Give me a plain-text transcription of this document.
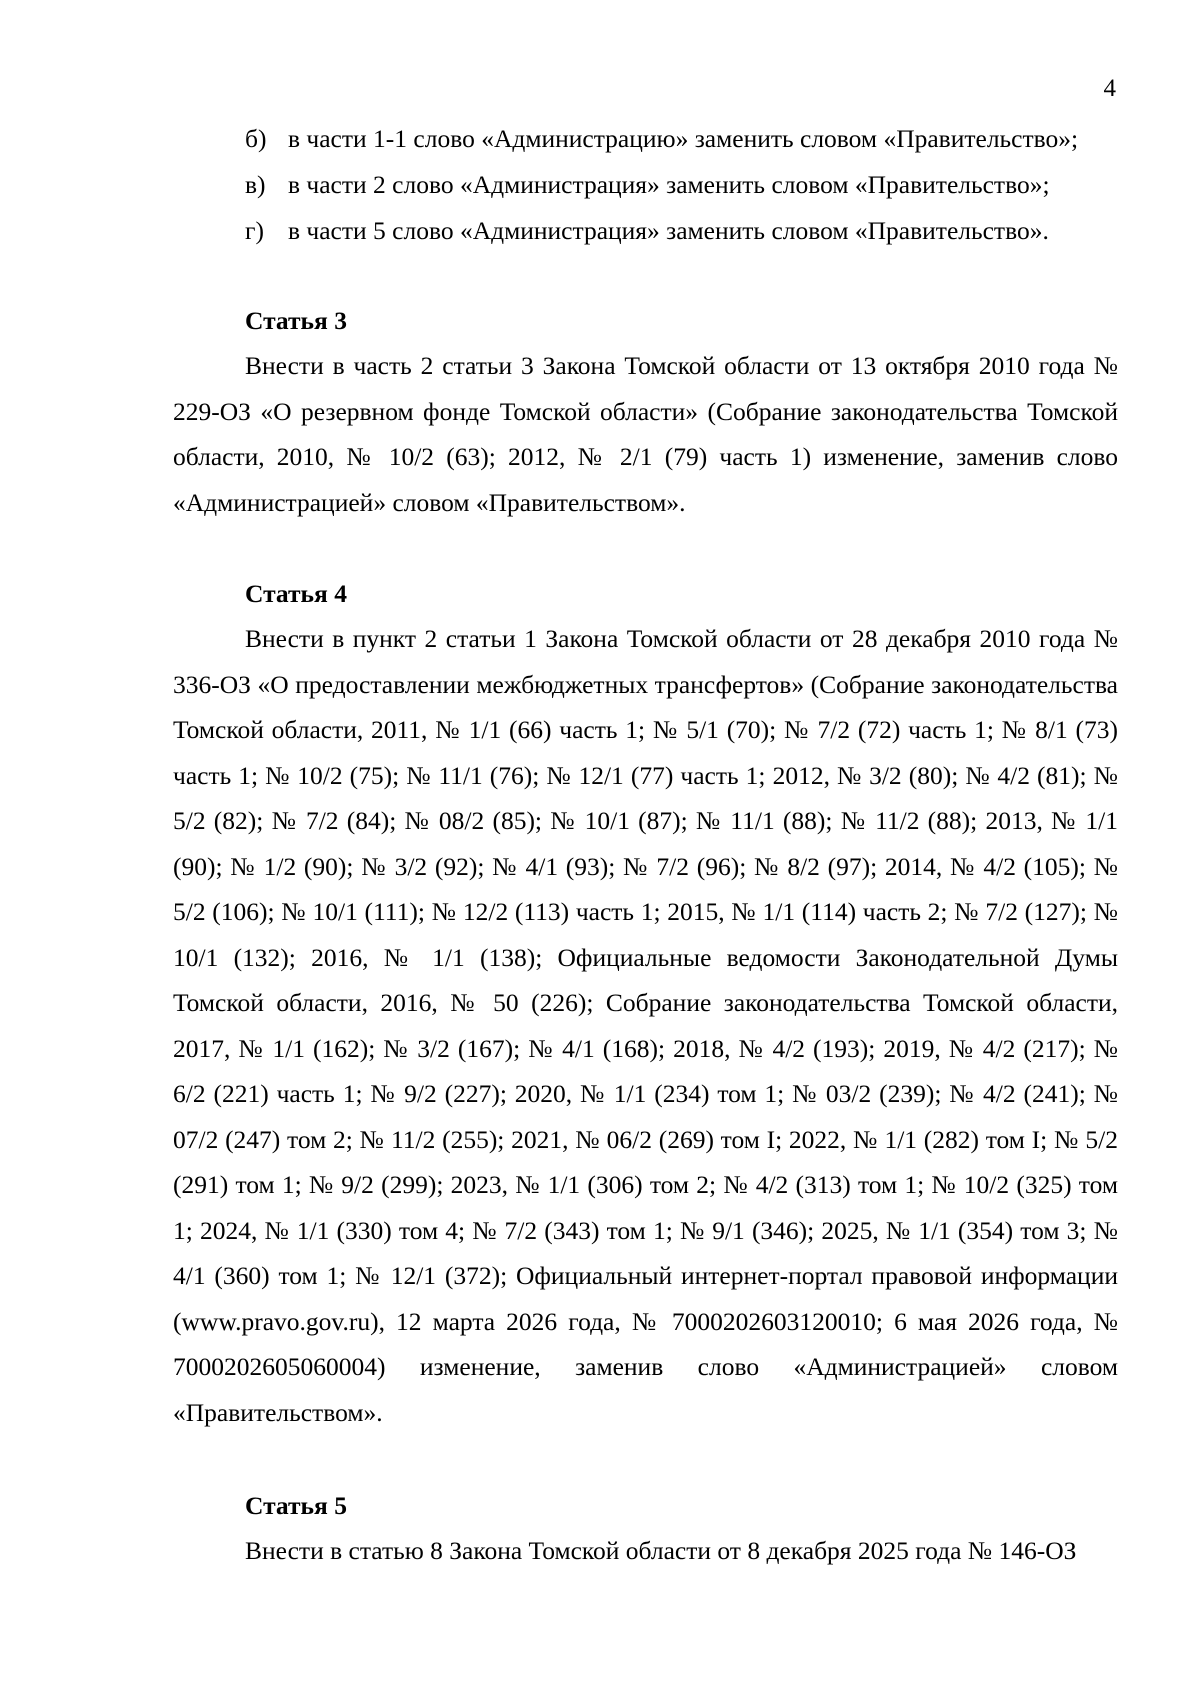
4
б) в части 1-1 слово «Администрацию» заменить словом «Правительство»;
в) в части 2 слово «Администрация» заменить словом «Правительство»;
г) в части 5 слово «Администрация» заменить словом «Правительство».
Статья 3

Внести в часть 2 статьи 3 Закона Томской области от 13 октября 2010 года № 229-ОЗ «О резервном фонде Томской области» (Собрание законодательства Томской области, 2010, № 10/2 (63); 2012, № 2/1 (79) часть 1) изменение, заменив слово «Администрацией» словом «Правительством».

Статья 4

Внести в пункт 2 статьи 1 Закона Томской области от 28 декабря 2010 года № 336-ОЗ «О предоставлении межбюджетных трансфертов» (Собрание законодательства Томской области, 2011, № 1/1 (66) часть 1; № 5/1 (70); № 7/2 (72) часть 1; № 8/1 (73) часть 1; № 10/2 (75); № 11/1 (76); № 12/1 (77) часть 1; 2012, № 3/2 (80); № 4/2 (81); № 5/2 (82); № 7/2 (84); № 08/2 (85); № 10/1 (87); № 11/1 (88); № 11/2 (88); 2013, № 1/1 (90); № 1/2 (90); № 3/2 (92); № 4/1 (93); № 7/2 (96); № 8/2 (97); 2014, № 4/2 (105); № 5/2 (106); № 10/1 (111); № 12/2 (113) часть 1; 2015, № 1/1 (114) часть 2; № 7/2 (127); № 10/1 (132); 2016, № 1/1 (138); Официальные ведомости Законодательной Думы Томской области, 2016, № 50 (226); Собрание законодательства Томской области, 2017, № 1/1 (162); № 3/2 (167); № 4/1 (168); 2018, № 4/2 (193); 2019, № 4/2 (217); № 6/2 (221) часть 1; № 9/2 (227); 2020, № 1/1 (234) том 1; № 03/2 (239); № 4/2 (241); № 07/2 (247) том 2; № 11/2 (255); 2021, № 06/2 (269) том I; 2022, № 1/1 (282) том I; № 5/2 (291) том 1; № 9/2 (299); 2023, № 1/1 (306) том 2; № 4/2 (313) том 1; № 10/2 (325) том 1; 2024, № 1/1 (330) том 4; № 7/2 (343) том 1; № 9/1 (346); 2025, № 1/1 (354) том 3; № 4/1 (360) том 1; № 12/1 (372); Официальный интернет-портал правовой информации (www.pravo.gov.ru), 12 марта 2026 года, № 7000202603120010; 6 мая 2026 года, № 7000202605060004) изменение, заменив слово «Администрацией» словом «Правительством».

Статья 5

Внести в статью 8 Закона Томской области от 8 декабря 2025 года № 146-ОЗ
